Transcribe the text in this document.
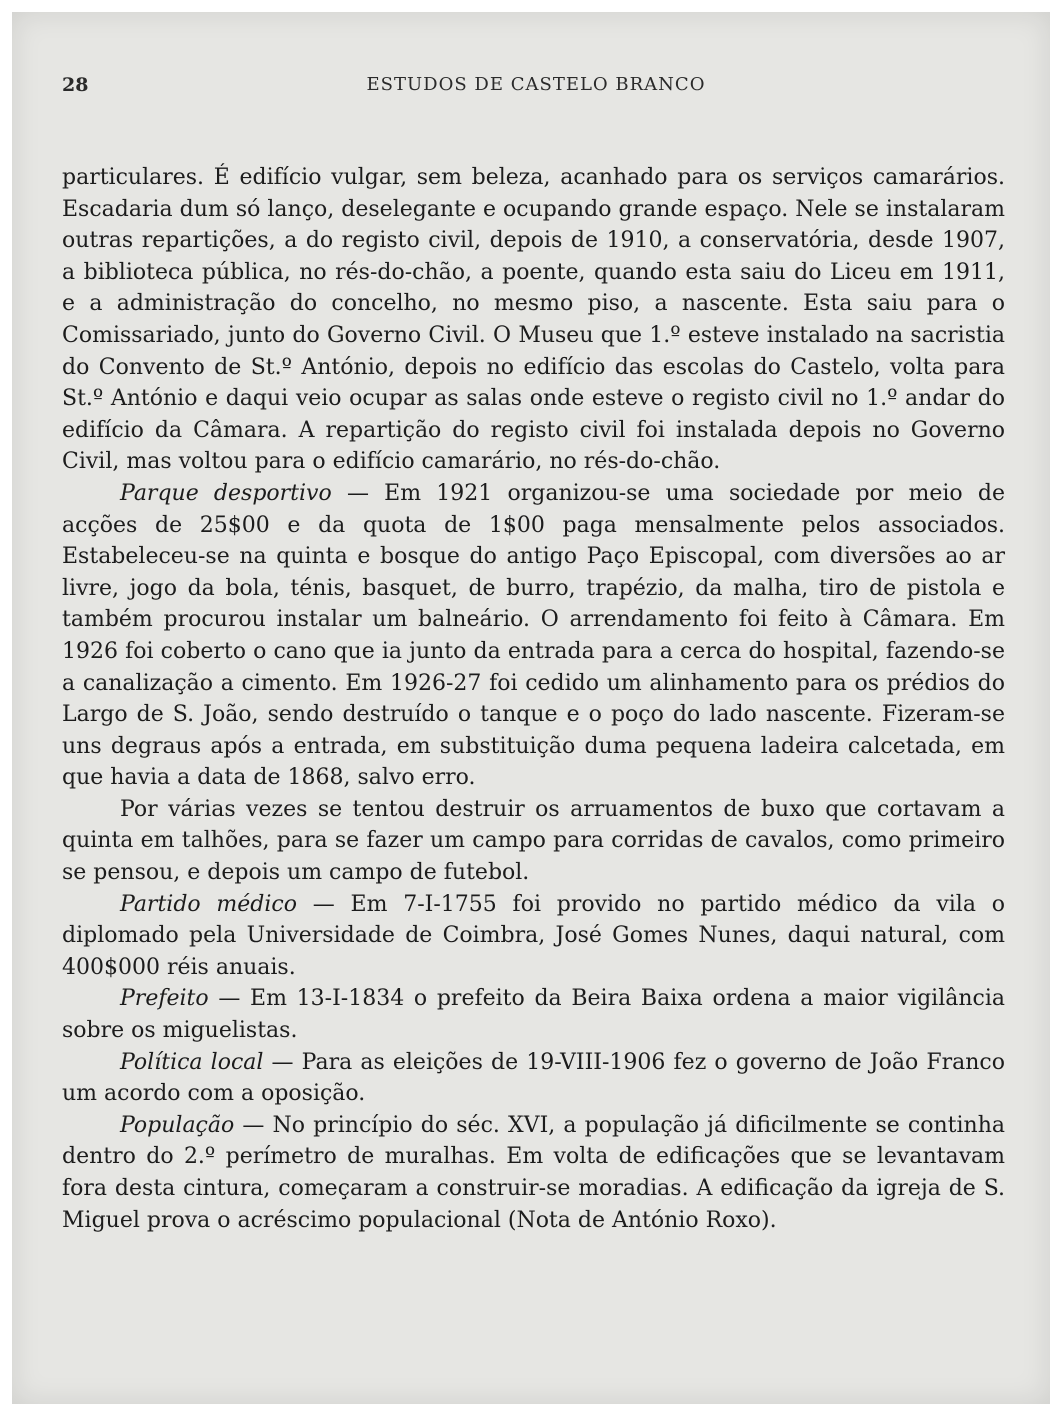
28	ESTUDOS DE CASTELO BRANCO

particulares. É edifício vulgar, sem beleza, acanhado para os serviços camarários. Escadaria dum só lanço, deselegante e ocupando grande espaço. Nele se instalaram outras repartições, a do registo civil, depois de 1910, a conservatória, desde 1907, a biblioteca pública, no rés-do-chão, a poente, quando esta saiu do Liceu em 1911, e a administração do concelho, no mesmo piso, a nascente. Esta saiu para o Comissariado, junto do Governo Civil. O Museu que 1.º esteve instalado na sacristia do Convento de St.º António, depois no edifício das escolas do Castelo, volta para St.º António e daqui veio ocupar as salas onde esteve o registo civil no 1.º andar do edifício da Câmara. A repartição do registo civil foi instalada depois no Governo Civil, mas voltou para o edifício camarário, no rés-do-chão.

Parque desportivo — Em 1921 organizou-se uma sociedade por meio de acções de 25$00 e da quota de 1$00 paga mensalmente pelos associados. Estabeleceu-se na quinta e bosque do antigo Paço Episcopal, com diversões ao ar livre, jogo da bola, ténis, basquet, de burro, trapézio, da malha, tiro de pistola e também procurou instalar um balneário. O arrendamento foi feito à Câmara. Em 1926 foi coberto o cano que ia junto da entrada para a cerca do hospital, fazendo-se a canalização a cimento. Em 1926-27 foi cedido um alinhamento para os prédios do Largo de S. João, sendo destruído o tanque e o poço do lado nascente. Fizeram-se uns degraus após a entrada, em substituição duma pequena ladeira calcetada, em que havia a data de 1868, salvo erro.

Por várias vezes se tentou destruir os arruamentos de buxo que cortavam a quinta em talhões, para se fazer um campo para corridas de cavalos, como primeiro se pensou, e depois um campo de futebol.

Partido médico — Em 7-I-1755 foi provido no partido médico da vila o diplomado pela Universidade de Coimbra, José Gomes Nunes, daqui natural, com 400$000 réis anuais.

Prefeito — Em 13-I-1834 o prefeito da Beira Baixa ordena a maior vigilância sobre os miguelistas.

Política local — Para as eleições de 19-VIII-1906 fez o governo de João Franco um acordo com a oposição.

População — No princípio do séc. XVI, a população já dificilmente se continha dentro do 2.º perímetro de muralhas. Em volta de edificações que se levantavam fora desta cintura, começaram a construir-se moradias. A edificação da igreja de S. Miguel prova o acréscimo populacional (Nota de António Roxo).
